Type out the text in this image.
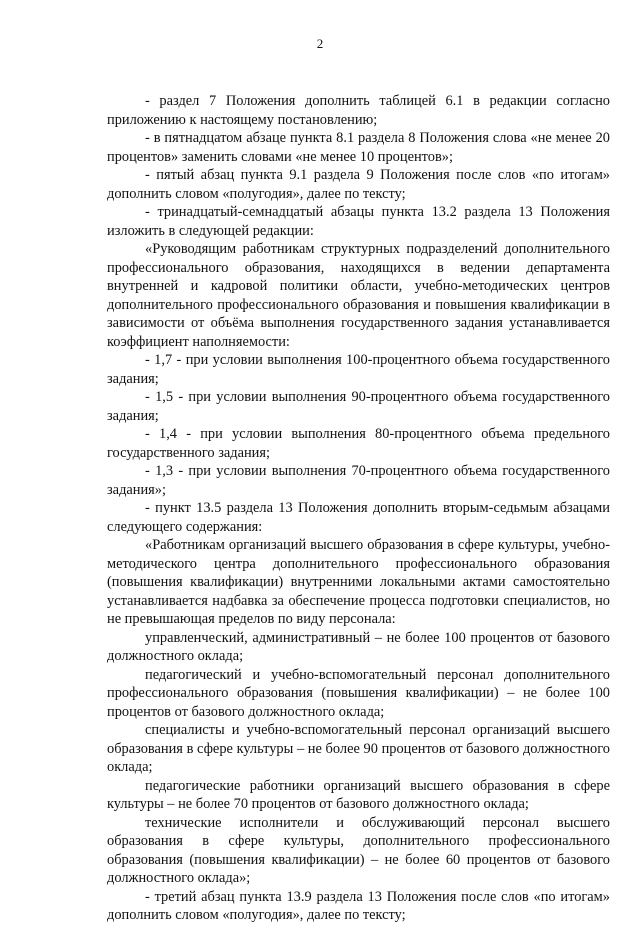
2

- раздел 7 Положения дополнить таблицей 6.1 в редакции согласно приложению к настоящему постановлению;

- в пятнадцатом абзаце пункта 8.1 раздела 8 Положения слова «не менее 20 процентов» заменить словами «не менее 10 процентов»;

- пятый абзац пункта 9.1 раздела 9 Положения после слов «по итогам» дополнить словом «полугодия», далее по тексту;

- тринадцатый-семнадцатый абзацы пункта 13.2 раздела 13 Положения изложить в следующей редакции:

«Руководящим работникам структурных подразделений дополнительного профессионального образования, находящихся в ведении департамента внутренней и кадровой политики области, учебно-методических центров дополнительного профессионального образования и повышения квалификации в зависимости от объёма выполнения государственного задания устанавливается коэффициент наполняемости:

- 1,7 - при условии выполнения 100-процентного объема государственного задания;

- 1,5 - при условии выполнения 90-процентного объема государственного задания;

- 1,4 - при условии выполнения 80-процентного объема предельного государственного задания;

- 1,3 - при условии выполнения 70-процентного объема государственного задания»;

- пункт 13.5 раздела 13 Положения дополнить вторым-седьмым абзацами следующего содержания:

«Работникам организаций высшего образования в сфере культуры, учебно-методического центра дополнительного профессионального образования (повышения квалификации) внутренними локальными актами самостоятельно устанавливается надбавка за обеспечение процесса подготовки специалистов, но не превышающая пределов по виду персонала:

управленческий, административный – не более 100 процентов от базового должностного оклада;

педагогический и учебно-вспомогательный персонал дополнительного профессионального образования (повышения квалификации) – не более 100 процентов от базового должностного оклада;

специалисты и учебно-вспомогательный персонал организаций высшего образования в сфере культуры – не более 90 процентов от базового должностного оклада;

педагогические работники организаций высшего образования в сфере культуры – не более 70 процентов от базового должностного оклада;

технические исполнители и обслуживающий персонал высшего образования в сфере культуры, дополнительного профессионального образования (повышения квалификации) – не более 60 процентов от базового должностного оклада»;

- третий абзац пункта 13.9 раздела 13 Положения после слов «по итогам» дополнить словом «полугодия», далее по тексту;
